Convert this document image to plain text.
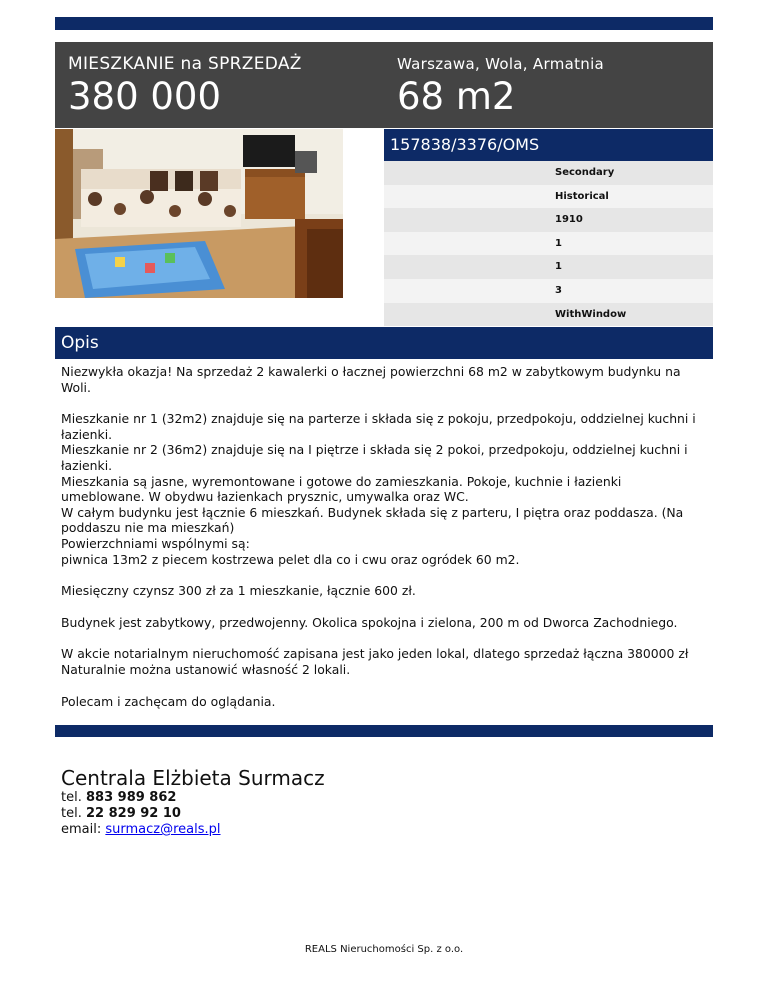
MIESZKANIE na SPRZEDAŻ
380 000
Warszawa, Wola, Armatnia
68 m2
157838/3376/OMS
Secondary
Historical
1910
1
1
3
WithWindow
Opis

Niezwykła okazja! Na sprzedaż 2 kawalerki o łacznej powierzchni 68 m2 w zabytkowym budynku na Woli.

Mieszkanie nr 1 (32m2) znajduje się na parterze i składa się z pokoju, przedpokoju, oddzielnej kuchni i łazienki.
Mieszkanie nr 2 (36m2) znajduje się na I piętrze i składa się 2 pokoi, przedpokoju, oddzielnej kuchni i łazienki.
Mieszkania są jasne, wyremontowane i gotowe do zamieszkania. Pokoje, kuchnie i łazienki umeblowane. W obydwu łazienkach prysznic, umywalka oraz WC.
W całym budynku jest łącznie 6 mieszkań. Budynek składa się z parteru, I piętra oraz poddasza. (Na poddaszu nie ma mieszkań)
Powierzchniami wspólnymi są:
piwnica 13m2 z piecem kostrzewa pelet dla co i cwu oraz ogródek 60 m2.

Miesięczny czynsz 300 zł za 1 mieszkanie, łącznie 600 zł.

Budynek jest zabytkowy, przedwojenny. Okolica spokojna i zielona, 200 m od Dworca Zachodniego.

W akcie notarialnym nieruchomość zapisana jest jako jeden lokal, dlatego sprzedaż łączna 380000 zł
Naturalnie można ustanowić własność 2 lokali.

Polecam i zachęcam do oglądania.

Centrala Elżbieta Surmacz
tel. 883 989 862
tel. 22 829 92 10
email: surmacz@reals.pl
REALS Nieruchomości Sp. z o.o.
